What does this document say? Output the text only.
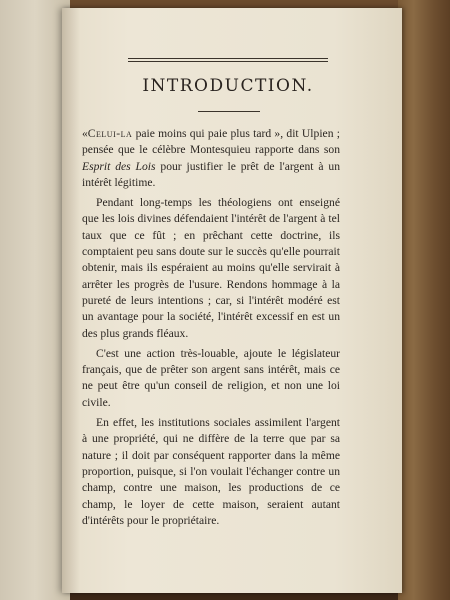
INTRODUCTION.

«Celui-la paie moins qui paie plus tard », dit Ulpien ; pensée que le célèbre Montesquieu rapporte dans son Esprit des Lois pour justifier le prêt de l'argent à un intérêt légitime.

Pendant long-temps les théologiens ont enseigné que les lois divines défendaient l'intérêt de l'argent à tel taux que ce fût ; en prêchant cette doctrine, ils comptaient peu sans doute sur le succès qu'elle pourrait obtenir, mais ils espéraient au moins qu'elle servirait à arrêter les progrès de l'usure. Rendons hommage à la pureté de leurs intentions ; car, si l'intérêt modéré est un avantage pour la société, l'intérêt excessif en est un des plus grands fléaux.

C'est une action très-louable, ajoute le législateur français, que de prêter son argent sans intérêt, mais ce ne peut être qu'un conseil de religion, et non une loi civile.

En effet, les institutions sociales assimilent l'argent à une propriété, qui ne diffère de la terre que par sa nature ; il doit par conséquent rapporter dans la même proportion, puisque, si l'on voulait l'échanger contre un champ, contre une maison, les productions de ce champ, le loyer de cette maison, seraient autant d'intérêts pour le propriétaire.
